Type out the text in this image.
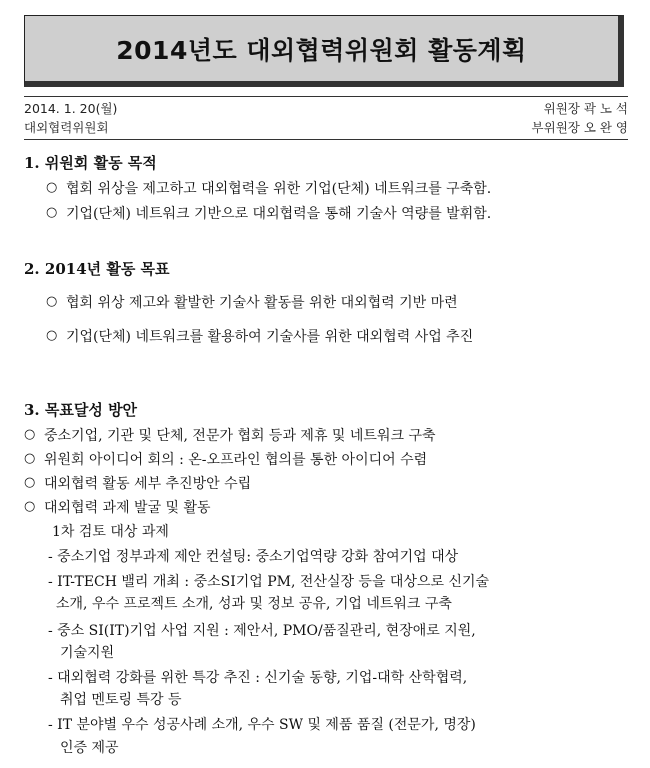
2014년도 대외협력위원회 활동계획
2014. 1. 20(월)	위원장 곽 노 석
대외협력위원회	부위원장 오 완 영
1. 위원회 활동 목적
○ 협회 위상을 제고하고 대외협력을 위한 기업(단체) 네트워크를 구축함.
○ 기업(단체) 네트워크 기반으로 대외협력을 통해 기술사 역량를 발휘함.
2. 2014년 활동 목표
○ 협회 위상 제고와 활발한 기술사 활동를 위한 대외협력 기반 마련
○ 기업(단체) 네트워크를 활용하여 기술사를 위한 대외협력 사업 추진
3. 목표달성 방안
○ 중소기업, 기관 및 단체, 전문가 협회 등과 제휴 및 네트워크 구축
○ 위원회 아이디어 회의 : 온-오프라인 협의를 통한 아이디어 수렴
○ 대외협력 활동 세부 추진방안 수립
○ 대외협력 과제 발굴 및 활동
1차 검토 대상 과제
- 중소기업 정부과제 제안 컨설팅: 중소기업역량 강화 참여기업 대상
- IT-TECH 밸리 개최 : 중소SI기업 PM, 전산실장 등을 대상으로 신기술
소개, 우수 프로젝트 소개, 성과 및 정보 공유, 기업 네트워크 구축
- 중소 SI(IT)기업 사업 지원 : 제안서, PMO/품질관리, 현장애로 지원,
기술지원
- 대외협력 강화를 위한 특강 추진 : 신기술 동향, 기업-대학 산학협력,
취업 멘토링 특강 등
- IT 분야별 우수 성공사례 소개, 우수 SW 및 제품 품질 (전문가, 명장)
인증 제공
